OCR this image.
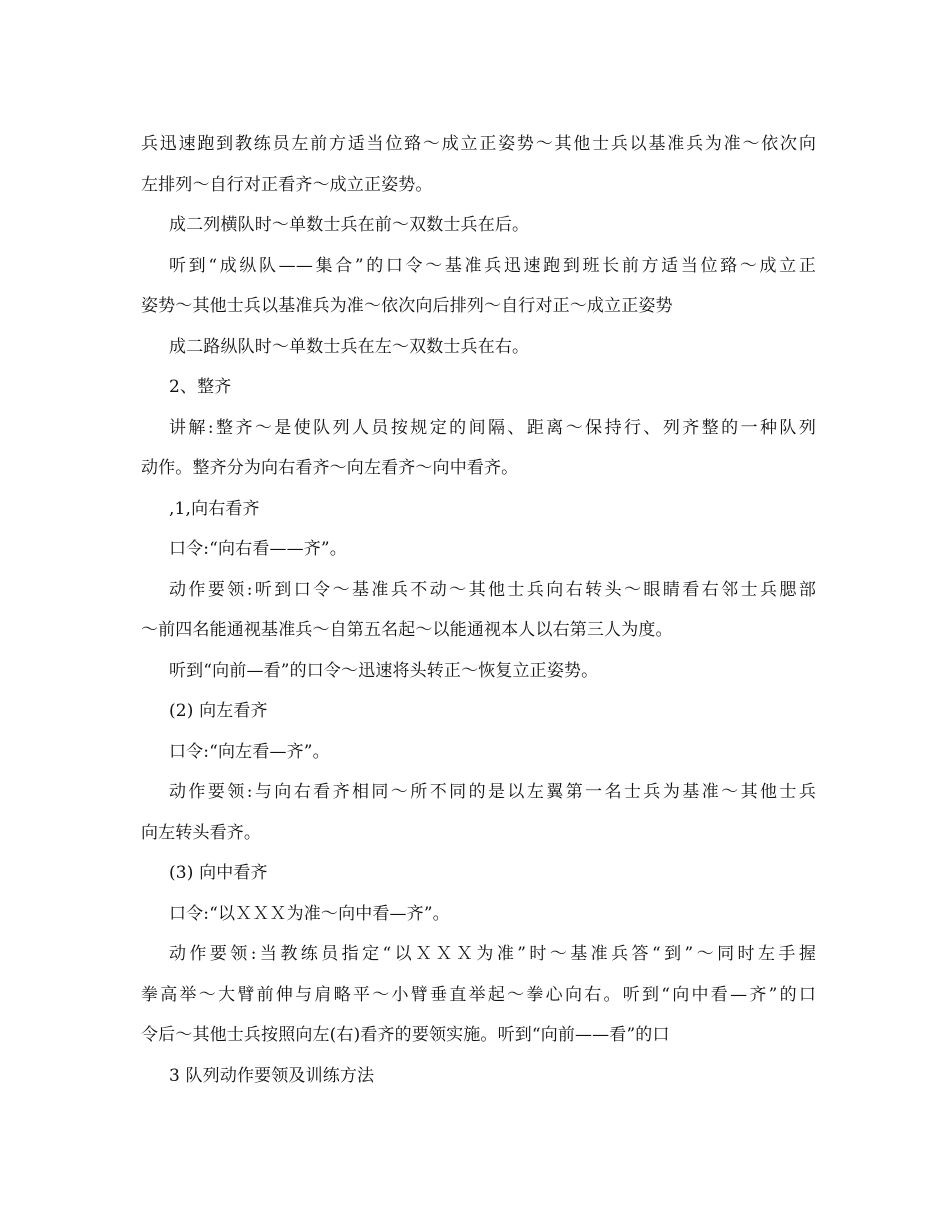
兵迅速跑到教练员左前方适当位臵～成立正姿势～其他士兵以基准兵为准～依次向
左排列～自行对正看齐～成立正姿势。
成二列横队时～单数士兵在前～双数士兵在后。
听到“成纵队——集合”的口令～基准兵迅速跑到班长前方适当位臵～成立正
姿势～其他士兵以基准兵为准～依次向后排列～自行对正～成立正姿势
成二路纵队时～单数士兵在左～双数士兵在右。
2、整齐
讲解:整齐～是使队列人员按规定的间隔、距离～保持行、列齐整的一种队列
动作。整齐分为向右看齐～向左看齐～向中看齐。
,1,向右看齐
口令:“向右看——齐”。
动作要领:听到口令～基准兵不动～其他士兵向右转头～眼睛看右邻士兵腮部
～前四名能通视基准兵～自第五名起～以能通视本人以右第三人为度。
听到“向前—看”的口令～迅速将头转正～恢复立正姿势。
(2) 向左看齐
口令:“向左看—齐”。
动作要领:与向右看齐相同～所不同的是以左翼第一名士兵为基准～其他士兵
向左转头看齐。
(3) 向中看齐
口令:“以ＸＸＸ为准～向中看—齐”。
动作要领:当教练员指定“以ＸＸＸ为准”时～基准兵答“到”～同时左手握
拳高举～大臂前伸与肩略平～小臂垂直举起～拳心向右。听到“向中看—齐”的口
令后～其他士兵按照向左(右)看齐的要领实施。听到“向前——看”的口
3 队列动作要领及训练方法
